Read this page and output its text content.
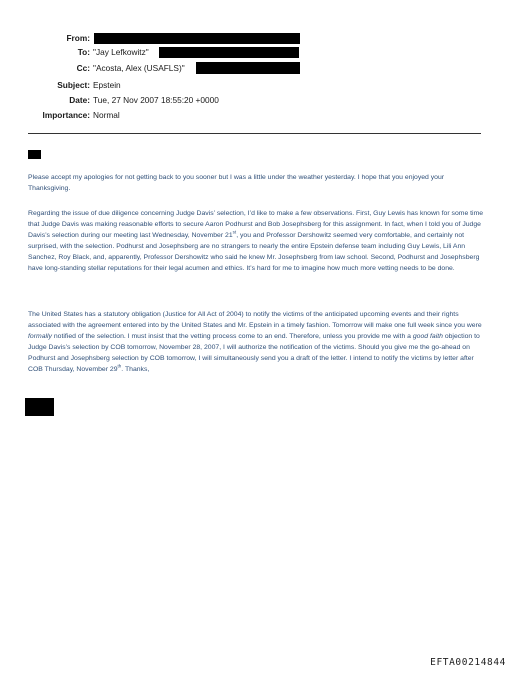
From:
To: "Jay Lefkowitz"
Cc: "Acosta, Alex (USAFLS)"
Subject: Epstein
Date: Tue, 27 Nov 2007 18:55:20 +0000
Importance: Normal

Please accept my apologies for not getting back to you sooner but I was a little under the weather yesterday. I hope that you enjoyed your Thanksgiving.

Regarding the issue of due diligence concerning Judge Davis’ selection, I’d like to make a few observations. First, Guy Lewis has known for some time that Judge Davis was making reasonable efforts to secure Aaron Podhurst and Bob Josephsberg for this assignment. In fact, when I told you of Judge Davis’s selection during our meeting last Wednesday, November 21st, you and Professor Dershowitz seemed very comfortable, and certainly not surprised, with the selection. Podhurst and Josephsberg are no strangers to nearly the entire Epstein defense team including Guy Lewis, Lili Ann Sanchez, Roy Black, and, apparently, Professor Dershowitz who said he knew Mr. Josephsberg from law school. Second, Podhurst and Josephsberg have long-standing stellar reputations for their legal acumen and ethics. It’s hard for me to imagine how much more vetting needs to be done.

The United States has a statutory obligation (Justice for All Act of 2004) to notify the victims of the anticipated upcoming events and their rights associated with the agreement entered into by the United States and Mr. Epstein in a timely fashion. Tomorrow will make one full week since you were formally notified of the selection. I must insist that the vetting process come to an end. Therefore, unless you provide me with a good faith objection to Judge Davis’s selection by COB tomorrow, November 28, 2007, I will authorize the notification of the victims. Should you give me the go-ahead on Podhurst and Josephsberg selection by COB tomorrow, I will simultaneously send you a draft of the letter. I intend to notify the victims by letter after COB Thursday, November 29th. Thanks,

EFTA00214844
